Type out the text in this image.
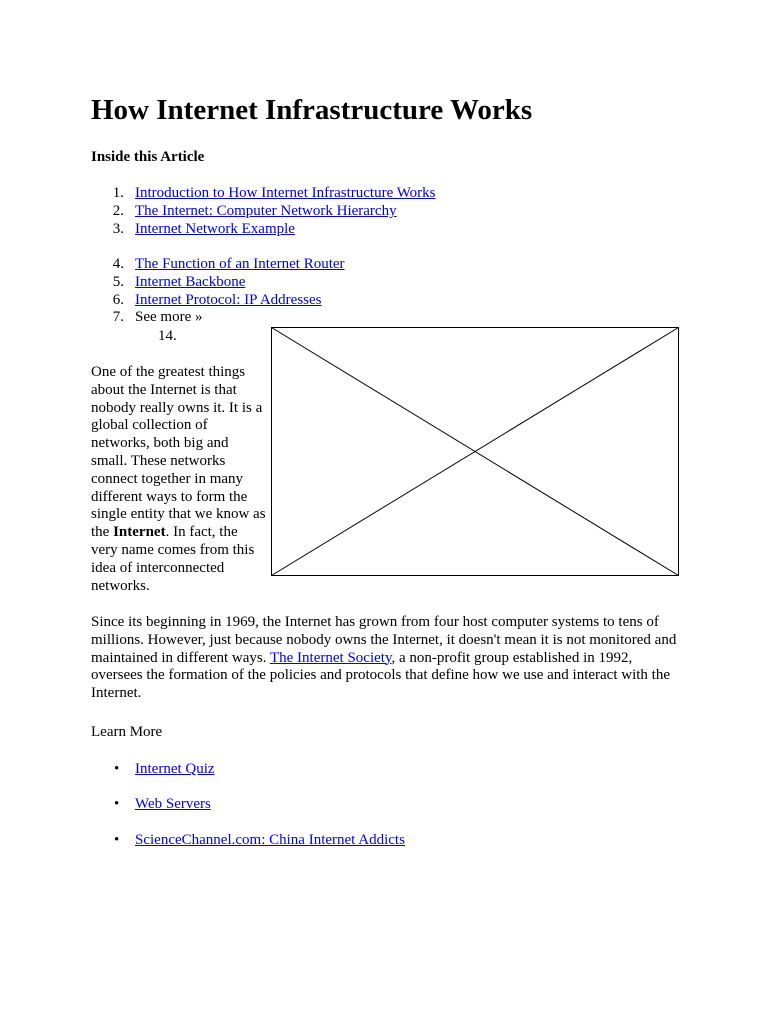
How Internet Infrastructure Works

Inside this Article

1. Introduction to How Internet Infrastructure Works
2. The Internet: Computer Network Hierarchy
3. Internet Network Example
4. The Function of an Internet Router
5. Internet Backbone
6. Internet Protocol: IP Addresses
7. See more »

14.

One of the greatest things about the Internet is that nobody really owns it. It is a global collection of networks, both big and small. These networks connect together in many different ways to form the single entity that we know as the Internet. In fact, the very name comes from this idea of interconnected networks.

Since its beginning in 1969, the Internet has grown from four host computer systems to tens of millions. However, just because nobody owns the Internet, it doesn't mean it is not monitored and maintained in different ways. The Internet Society, a non-profit group established in 1992, oversees the formation of the policies and protocols that define how we use and interact with the Internet.

Learn More

• Internet Quiz
• Web Servers
• ScienceChannel.com: China Internet Addicts
